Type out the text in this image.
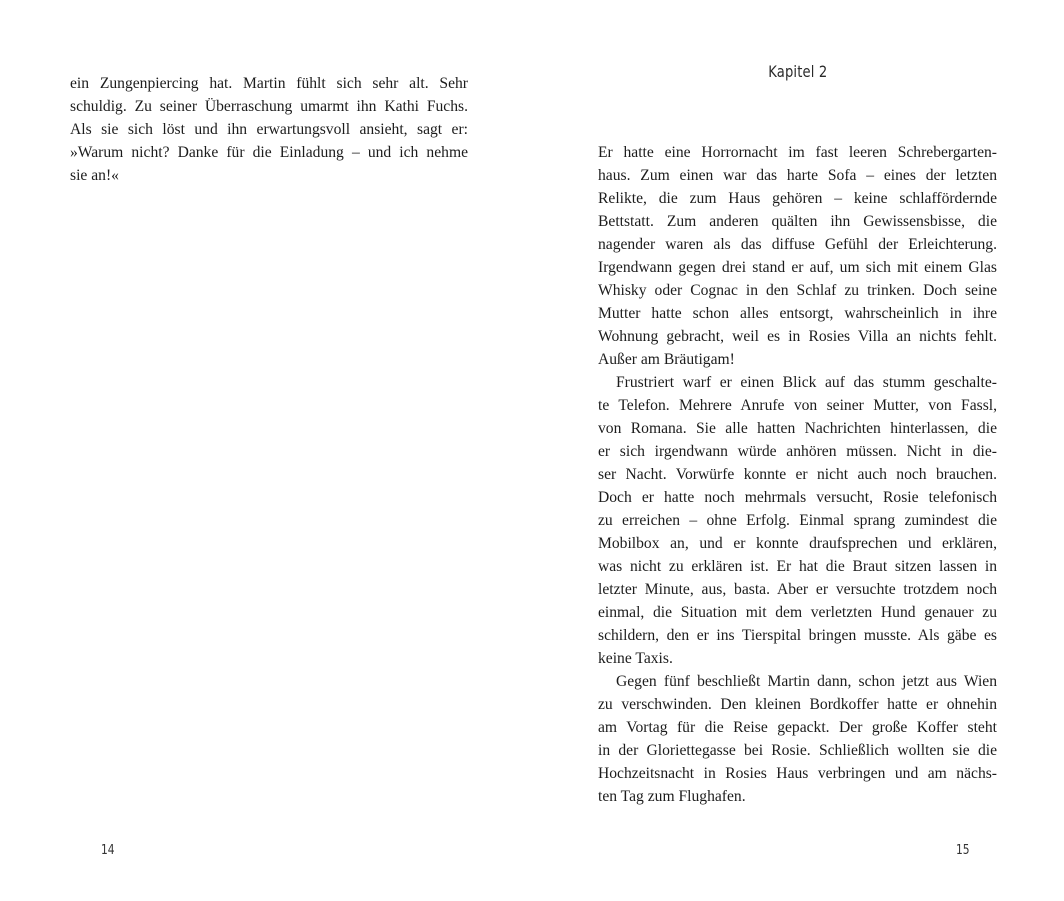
ein Zungenpiercing hat. Martin fühlt sich sehr alt. Sehr
schuldig. Zu seiner Überraschung umarmt ihn Kathi Fuchs.
Als sie sich löst und ihn erwartungsvoll ansieht, sagt er:
»Warum nicht? Danke für die Einladung – und ich nehme
sie an!«
14
Kapitel 2
Er hatte eine Horrornacht im fast leeren Schrebergarten-
haus. Zum einen war das harte Sofa – eines der letzten
Relikte, die zum Haus gehören – keine schlaffördernde
Bettstatt. Zum anderen quälten ihn Gewissensbisse, die
nagender waren als das diffuse Gefühl der Erleichterung.
Irgendwann gegen drei stand er auf, um sich mit einem Glas
Whisky oder Cognac in den Schlaf zu trinken. Doch seine
Mutter hatte schon alles entsorgt, wahrscheinlich in ihre
Wohnung gebracht, weil es in Rosies Villa an nichts fehlt.
Außer am Bräutigam!
Frustriert warf er einen Blick auf das stumm geschalte-
te Telefon. Mehrere Anrufe von seiner Mutter, von Fassl,
von Romana. Sie alle hatten Nachrichten hinterlassen, die
er sich irgendwann würde anhören müssen. Nicht in die-
ser Nacht. Vorwürfe konnte er nicht auch noch brauchen.
Doch er hatte noch mehrmals versucht, Rosie telefonisch
zu erreichen – ohne Erfolg. Einmal sprang zumindest die
Mobilbox an, und er konnte draufsprechen und erklären,
was nicht zu erklären ist. Er hat die Braut sitzen lassen in
letzter Minute, aus, basta. Aber er versuchte trotzdem noch
einmal, die Situation mit dem verletzten Hund genauer zu
schildern, den er ins Tierspital bringen musste. Als gäbe es
keine Taxis.
Gegen fünf beschließt Martin dann, schon jetzt aus Wien
zu verschwinden. Den kleinen Bordkoffer hatte er ohnehin
am Vortag für die Reise gepackt. Der große Koffer steht
in der Gloriettegasse bei Rosie. Schließlich wollten sie die
Hochzeitsnacht in Rosies Haus verbringen und am nächs-
ten Tag zum Flughafen.
15
